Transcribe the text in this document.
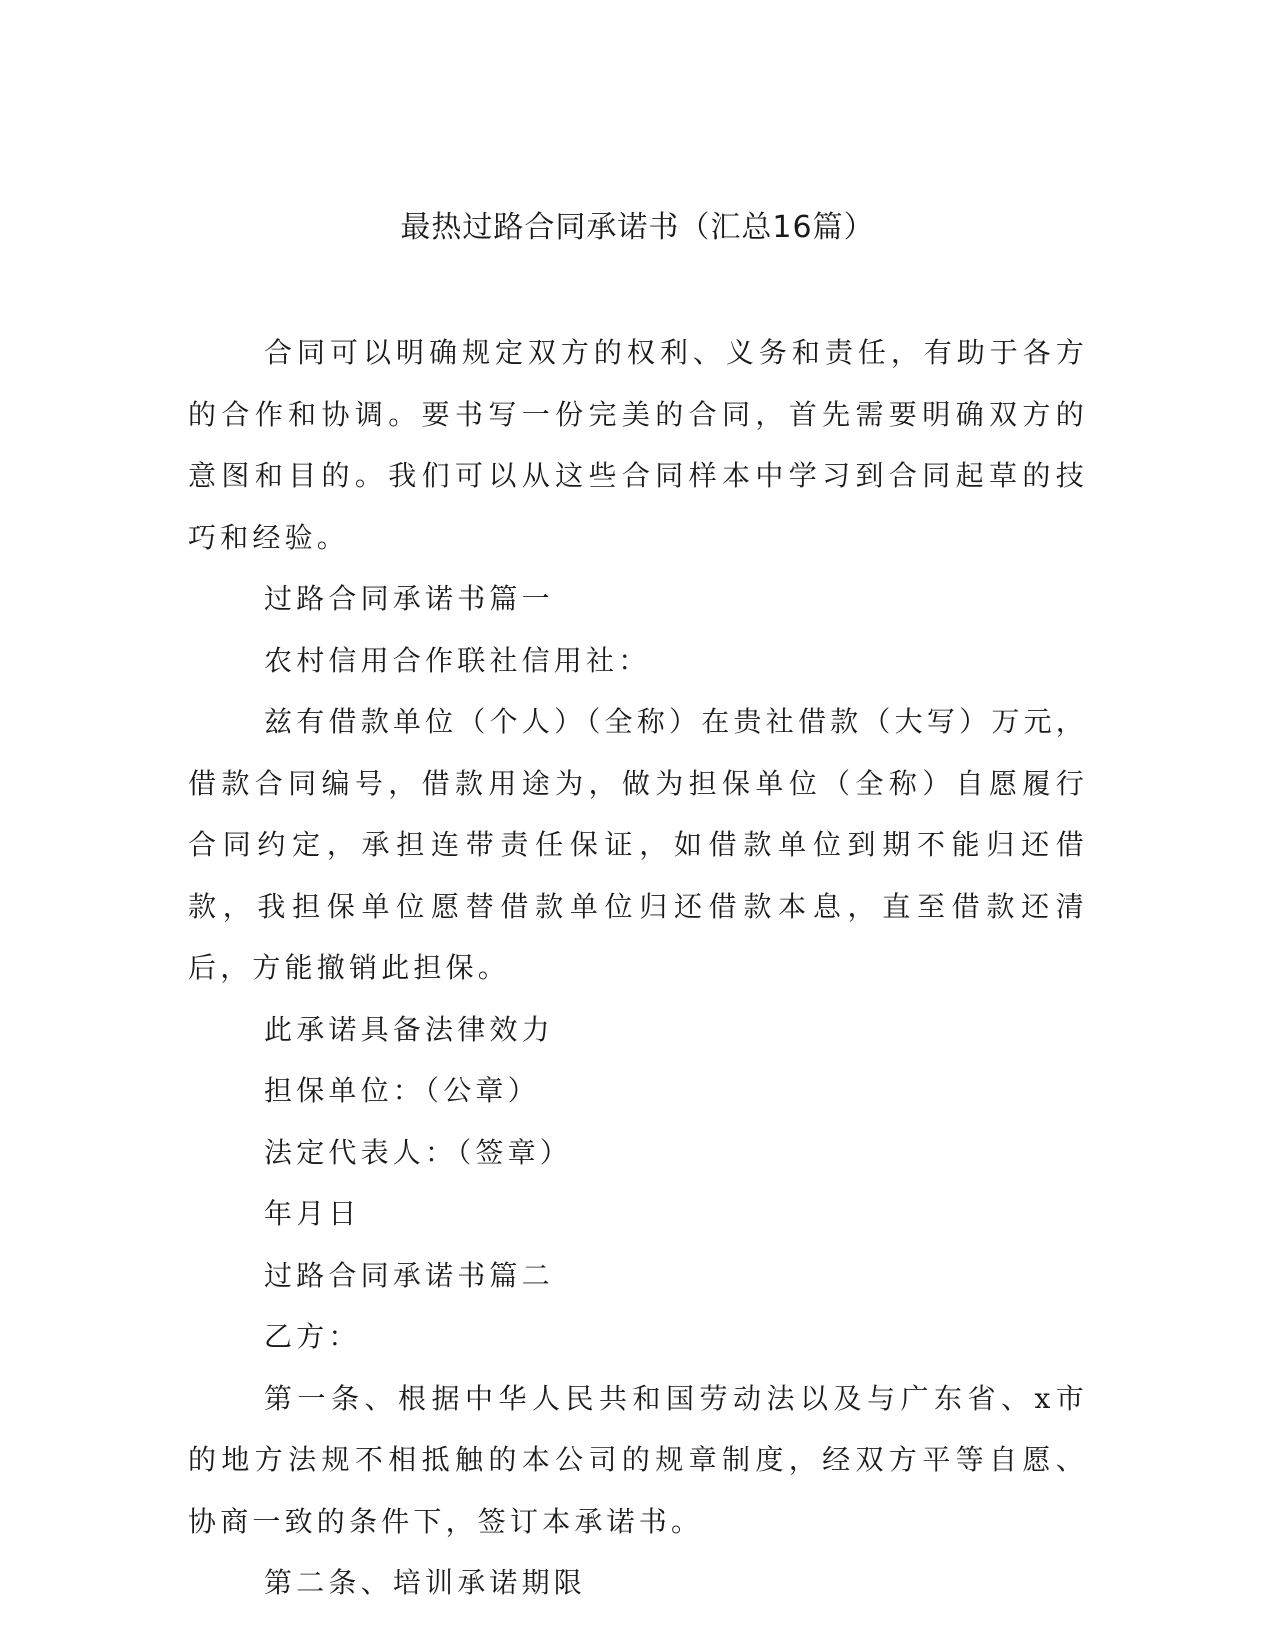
最热过路合同承诺书（汇总16篇）

合同可以明确规定双方的权利、义务和责任，有助于各方的合作和协调。要书写一份完美的合同，首先需要明确双方的意图和目的。我们可以从这些合同样本中学习到合同起草的技巧和经验。

过路合同承诺书篇一

农村信用合作联社信用社：

兹有借款单位（个人）（全称）在贵社借款（大写）万元，借款合同编号，借款用途为，做为担保单位（全称）自愿履行合同约定，承担连带责任保证，如借款单位到期不能归还借款，我担保单位愿替借款单位归还借款本息，直至借款还清后，方能撤销此担保。

此承诺具备法律效力

担保单位：（公章）

法定代表人：（签章）

年月日

过路合同承诺书篇二

乙方：

第一条、根据中华人民共和国劳动法以及与广东省、x市的地方法规不相抵触的本公司的规章制度，经双方平等自愿、协商一致的条件下，签订本承诺书。

第二条、培训承诺期限
